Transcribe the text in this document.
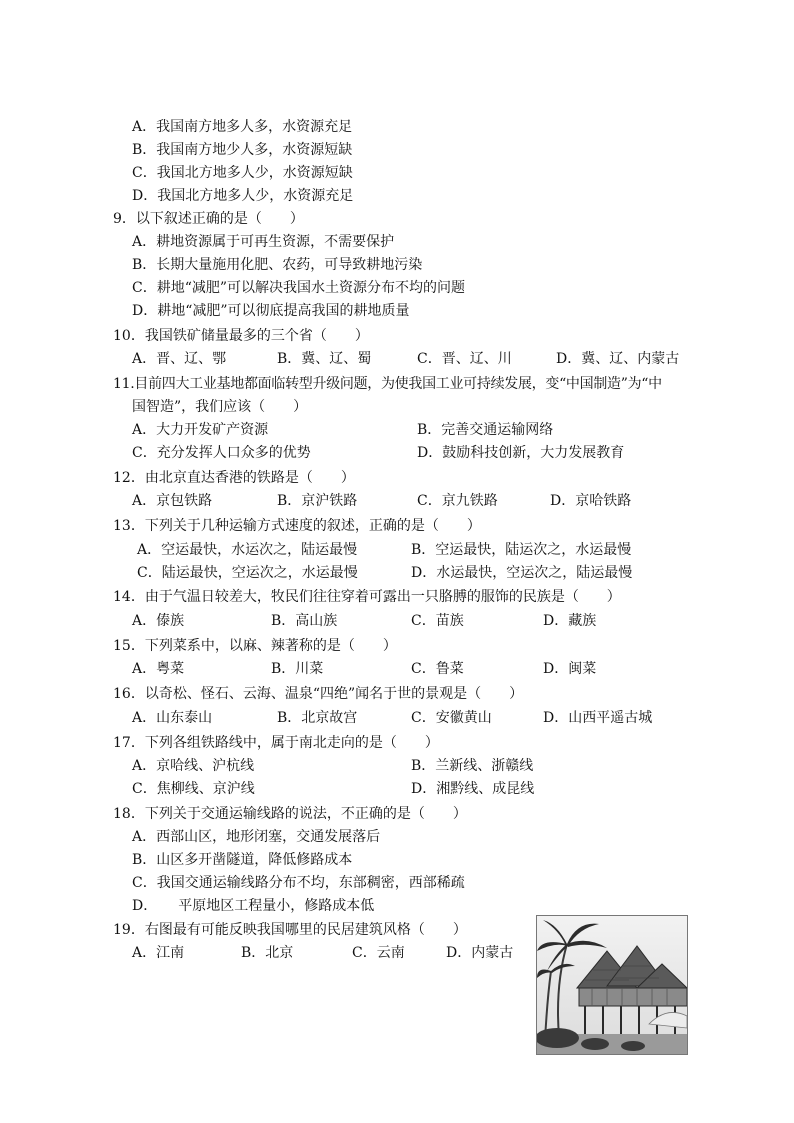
A．我国南方地多人多，水资源充足
B．我国南方地少人多，水资源短缺
C．我国北方地多人少，水资源短缺
D．我国北方地多人少，水资源充足
9．以下叙述正确的是（　　）
A．耕地资源属于可再生资源，不需要保护
B．长期大量施用化肥、农药，可导致耕地污染
C．耕地“减肥”可以解决我国水土资源分布不均的问题
D．耕地“减肥”可以彻底提高我国的耕地质量
10．我国铁矿储量最多的三个省（　　）
A．晋、辽、鄂	B．冀、辽、蜀	C．晋、辽、川	D．冀、辽、内蒙古
11.目前四大工业基地都面临转型升级问题，为使我国工业可持续发展，变“中国制造”为“中
国智造”，我们应该（　　）
A．大力开发矿产资源	B．完善交通运输网络
C．充分发挥人口众多的优势	D．鼓励科技创新，大力发展教育
12．由北京直达香港的铁路是（　　）
A．京包铁路	B．京沪铁路	C．京九铁路	D．京哈铁路
13．下列关于几种运输方式速度的叙述，正确的是（　　）
A．空运最快，水运次之，陆运最慢	B．空运最快，陆运次之，水运最慢
C．陆运最快，空运次之，水运最慢	D．水运最快，空运次之，陆运最慢
14．由于气温日较差大，牧民们往往穿着可露出一只胳膊的服饰的民族是（　　）
A．傣族	B．高山族	C．苗族	D．藏族
15．下列菜系中，以麻、辣著称的是（　　）
A．粤菜	B．川菜	C．鲁菜	D．闽菜
16．以奇松、怪石、云海、温泉“四绝”闻名于世的景观是（　　）
A．山东泰山	B．北京故宫	C．安徽黄山	D．山西平遥古城
17．下列各组铁路线中，属于南北走向的是（　　）
A．京哈线、沪杭线	B．兰新线、浙赣线
C．焦柳线、京沪线	D．湘黔线、成昆线
18．下列关于交通运输线路的说法，不正确的是（　　）
A．西部山区，地形闭塞，交通发展落后
B．山区多开凿隧道，降低修路成本
C．我国交通运输线路分布不均，东部稠密，西部稀疏
D．　　平原地区工程量小，修路成本低
19．右图最有可能反映我国哪里的民居建筑风格（　　）
A．江南	B．北京	C．云南	D．内蒙古
